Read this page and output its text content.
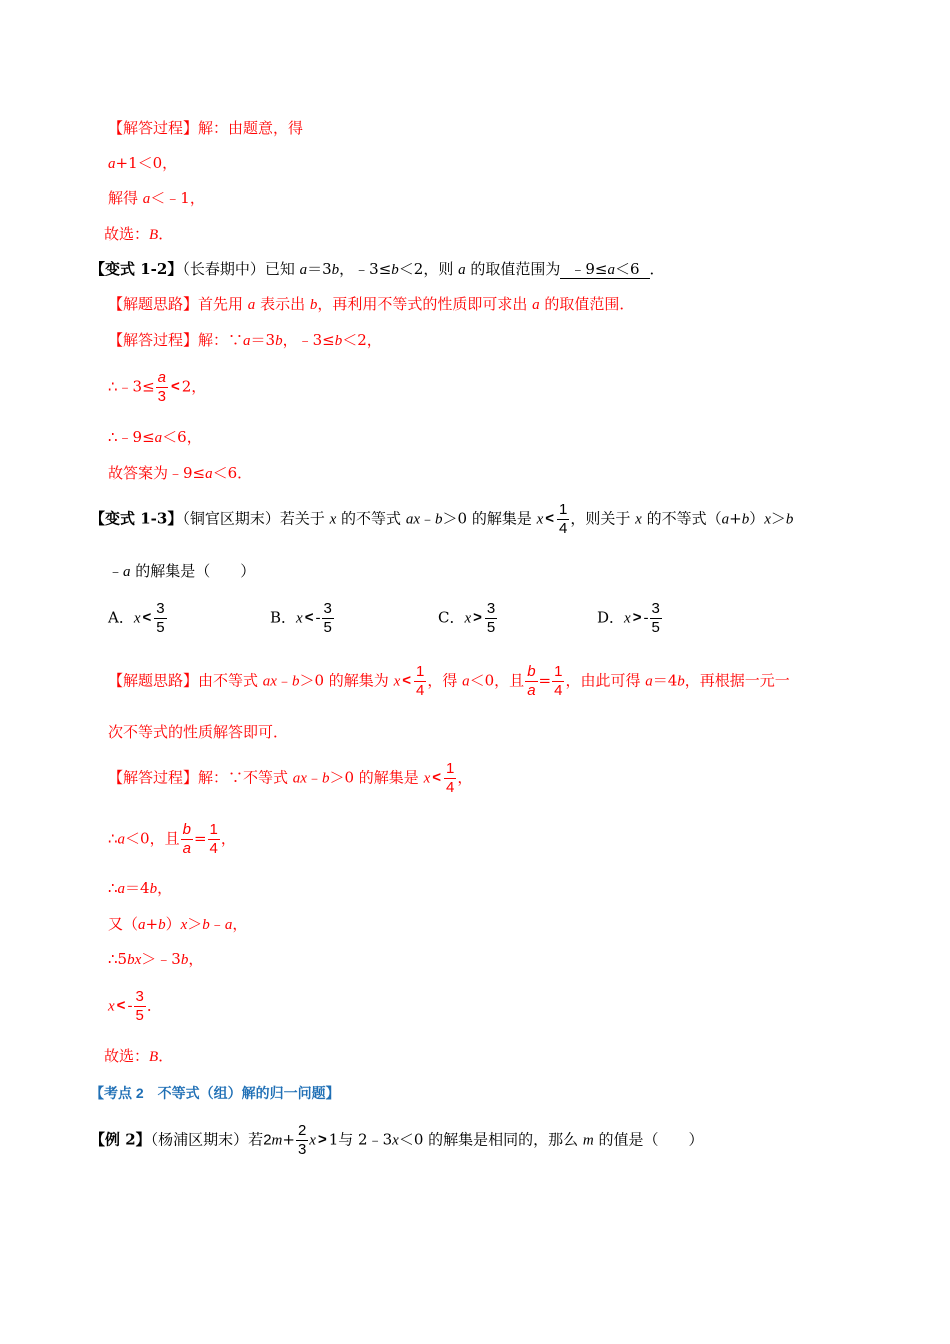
【解答过程】解：由题意，得
a+1＜0，
解得 a＜﹣1，
故选：B．
【变式 1-2】（长春期中）已知 a＝3b，﹣3≤b＜2，则 a 的取值范围为 ﹣9≤a＜6 ．
【解题思路】首先用 a 表示出 b，再利用不等式的性质即可求出 a 的取值范围．
【解答过程】解：∵a＝3b，﹣3≤b＜2，
∴﹣3≤ $\frac{a}{3} < 2$，
∴﹣9≤a＜6，
故答案为﹣9≤a＜6．
【变式 1-3】（铜官区期末）若关于 x 的不等式 ax﹣b＞0 的解集是 $x < \frac{1}{4}$ ，则关于 x 的不等式（a+b）x＞b
﹣a 的解集是（　　）
A．$x < \frac{3}{5}$	B．x < - $\frac{3}{5}$	C．$x > \frac{3}{5}$	D．x > - $\frac{3}{5}$
【解题思路】由不等式 ax﹣b＞0 的解集为 $x < \frac{1}{4}$ ，得 a＜0，且 $\frac{b}{a} = \frac{1}{4}$ ，由此可得 a＝4b，再根据一元一
次不等式的性质解答即可．
【解答过程】解：∵不等式 ax﹣b＞0 的解集是 $x < \frac{1}{4}$ ，
∴a＜0，且 $\frac{b}{a} = \frac{1}{4}$ ，
∴a＝4b，
又（a+b）x＞b﹣a，
∴5bx＞﹣3b，
x < - $\frac{3}{5}$ ．
故选：B．
【考点 2　不等式（组）解的归一问题】
【例 2】（杨浦区期末）若$2m+ \frac{2}{3}$ x > 1与 2﹣3x＜0 的解集是相同的，那么 m 的值是（　　）
